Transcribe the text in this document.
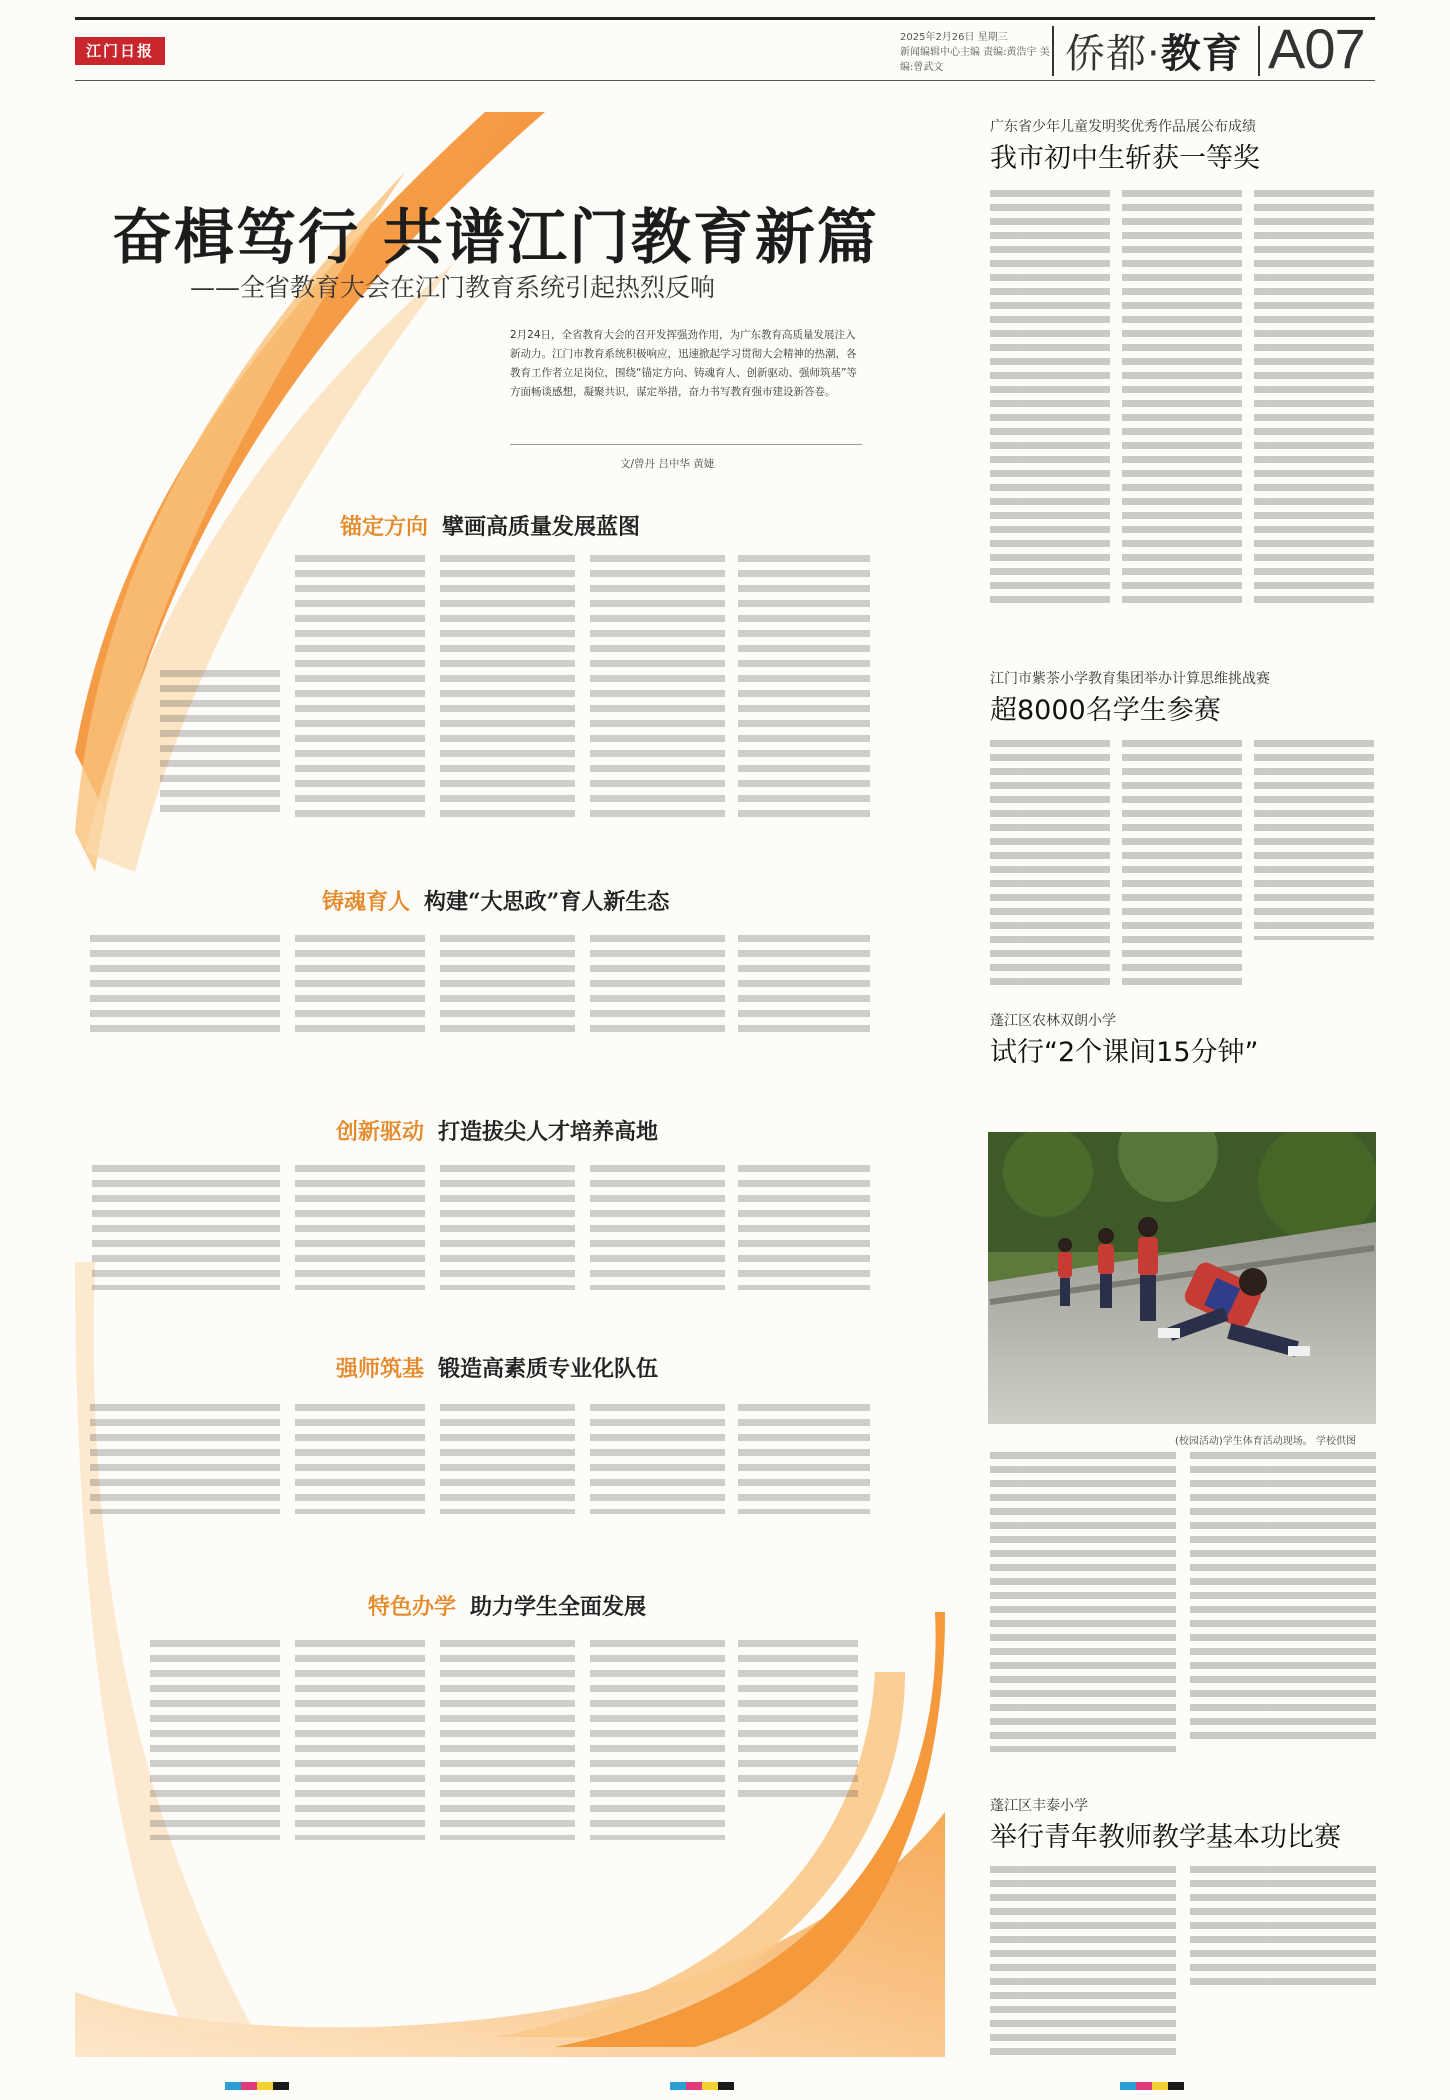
江门日报
2025年2月26日 星期三
新闻编辑中心主编 责编:黄浩宇 美编:曾武文	侨都·教育 A07
奋楫笃行 共谱江门教育新篇
——全省教育大会在江门教育系统引起热烈反响
2月24日，全省教育大会的召开发挥强劲作用，为广东教育高质量发展注入新动力。江门市教育系统积极响应，迅速掀起学习贯彻大会精神的热潮，各教育工作者立足岗位，围绕“锚定方向、铸魂育人、创新驱动、强师筑基”等方面畅谈感想，凝聚共识，谋定举措，奋力书写教育强市建设新答卷。
文/曾丹 吕中华 黄婕
锚定方向 擘画高质量发展蓝图
铸魂育人 构建“大思政”育人新生态
创新驱动 打造拔尖人才培养高地
强师筑基 锻造高素质专业化队伍
特色办学 助力学生全面发展
广东省少年儿童发明奖优秀作品展公布成绩
我市初中生斩获一等奖
江门市紫茶小学教育集团举办计算思维挑战赛
超8000名学生参赛
蓬江区农林双朗小学
试行“2个课间15分钟”
(校园活动)学生体育活动现场。 学校供图
蓬江区丰泰小学
举行青年教师教学基本功比赛
